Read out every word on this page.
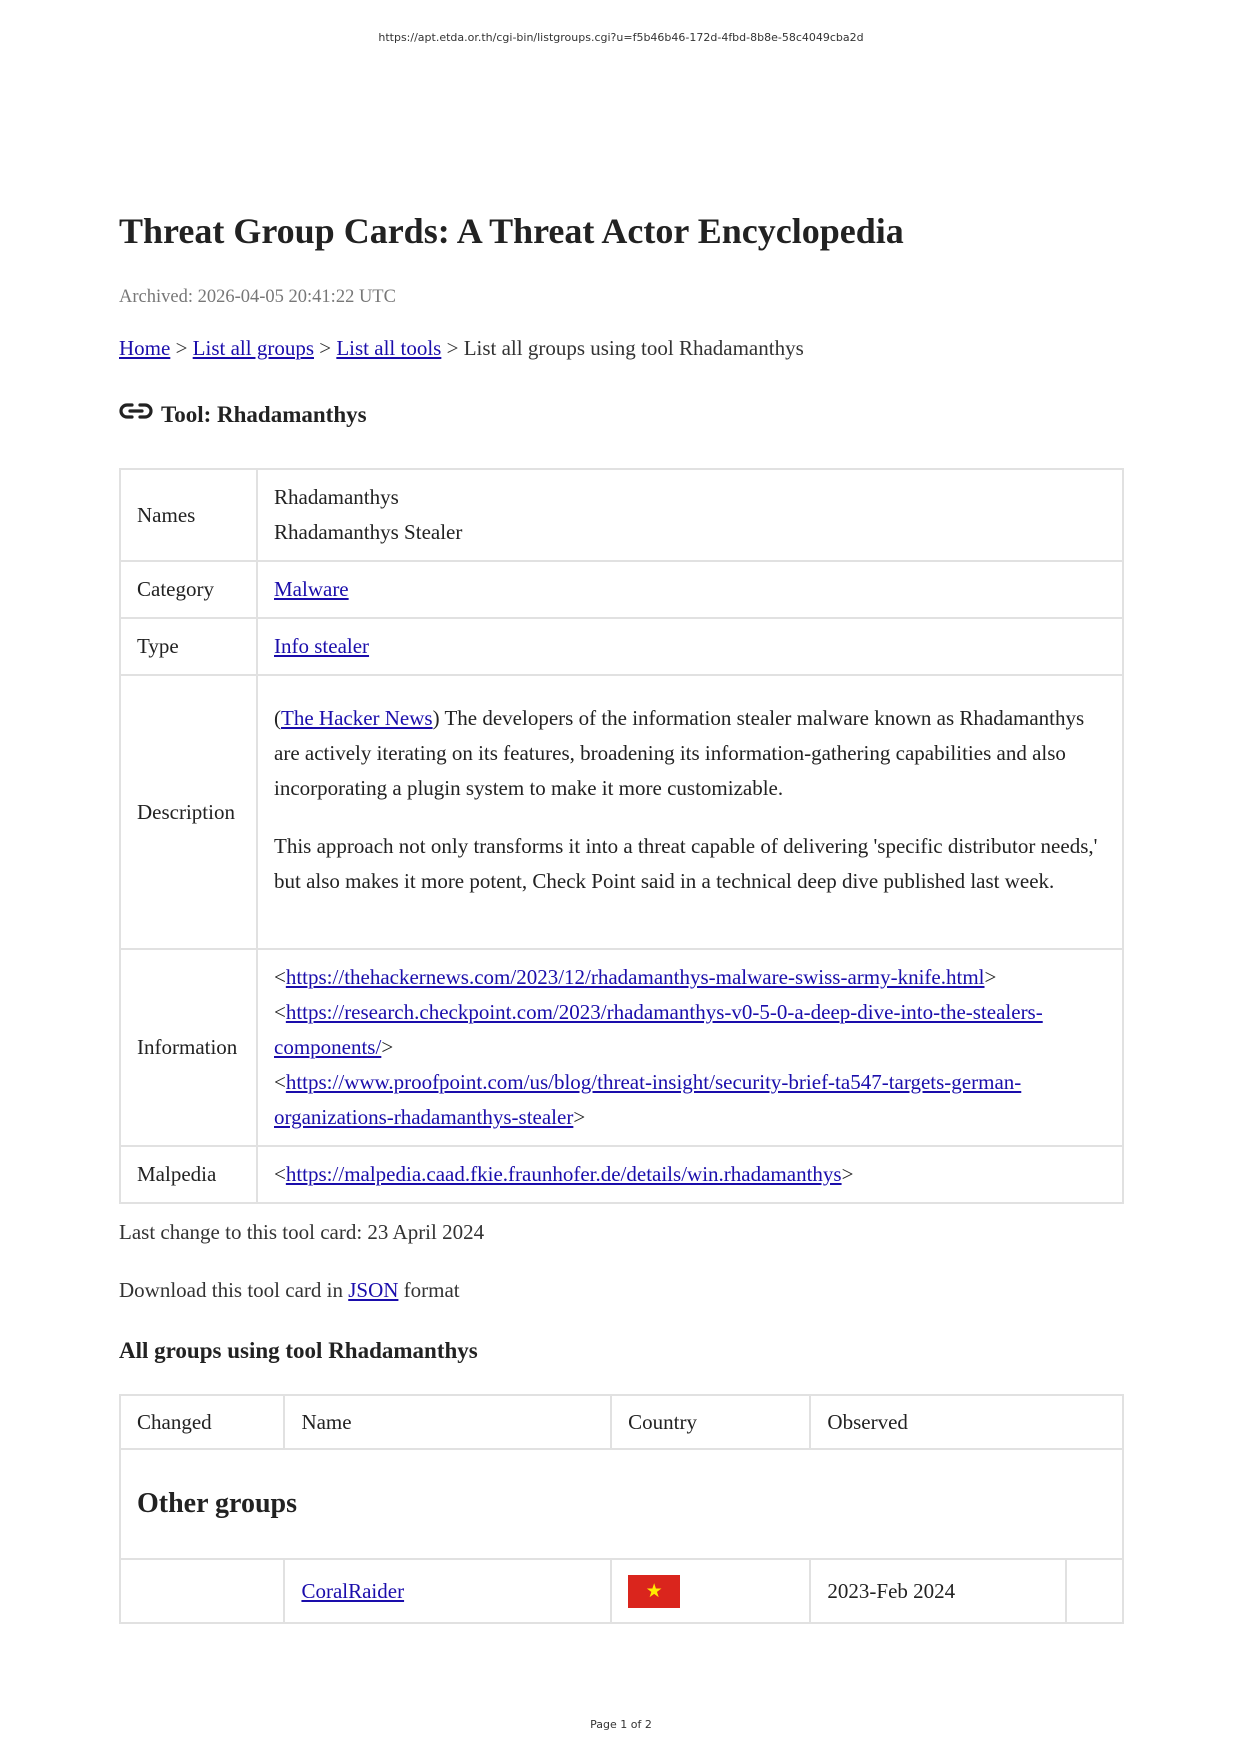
https://apt.etda.or.th/cgi-bin/listgroups.cgi?u=f5b46b46-172d-4fbd-8b8e-58c4049cba2d
Threat Group Cards: A Threat Actor Encyclopedia

Archived: 2026-04-05 20:41:22 UTC

Home > List all groups > List all tools > List all groups using tool Rhadamanthys

Tool: Rhadamanthys
Names	Rhadamanthys
Rhadamanthys Stealer

Category	Malware
Type	Info stealer
Description	(The Hacker News) The developers of the information stealer malware known as Rhadamanthys are actively iterating on its features, broadening its information-gathering capabilities and also incorporating a plugin system to make it more customizable.

This approach not only transforms it into a threat capable of delivering 'specific distributor needs,' but also makes it more potent, Check Point said in a technical deep dive published last week.

Information	<https://thehackernews.com/2023/12/rhadamanthys-malware-swiss-army-knife.html>
<https://research.checkpoint.com/2023/rhadamanthys-v0-5-0-a-deep-dive-into-the-stealers-components/>
<https://www.proofpoint.com/us/blog/threat-insight/security-brief-ta547-targets-german-organizations-rhadamanthys-stealer>

Malpedia	<https://malpedia.caad.fkie.fraunhofer.de/details/win.rhadamanthys>

Last change to this tool card: 23 April 2024

Download this tool card in JSON format

All groups using tool Rhadamanthys
Changed	Name	Country	Observed	
Other groups				
	CoralRaider	★	2023-Feb 2024	
Page 1 of 2
